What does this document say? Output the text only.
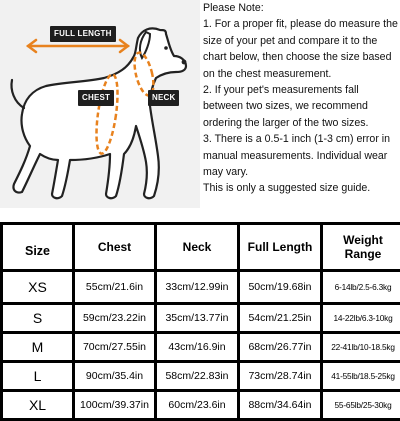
FULL LENGTH
CHEST	NECK

Please Note:

1. For a proper fit, please do measure the size of your pet and compare it to the chart below, then choose the size based on the chest measurement.

2. If your pet's measurements fall between two sizes, we recommend ordering the larger of the two sizes.

3. There is a 0.5-1 inch (1-3 cm) error in manual measurements. Individual wear may vary.

This is only a suggested size guide.

Size	Chest	Neck	Full Length	Weight
Range

XS	55cm/21.6in	33cm/12.99in	50cm/19.68in	6-14lb/2.5-6.3kg
S	59cm/23.22in	35cm/13.77in	54cm/21.25in	14-22lb/6.3-10kg
M	70cm/27.55in	43cm/16.9in	68cm/26.77in	22-41lb/10-18.5kg
L	90cm/35.4in	58cm/22.83in	73cm/28.74in	41-55lb/18.5-25kg
XL	100cm/39.37in	60cm/23.6in	88cm/34.64in	55-65lb/25-30kg
